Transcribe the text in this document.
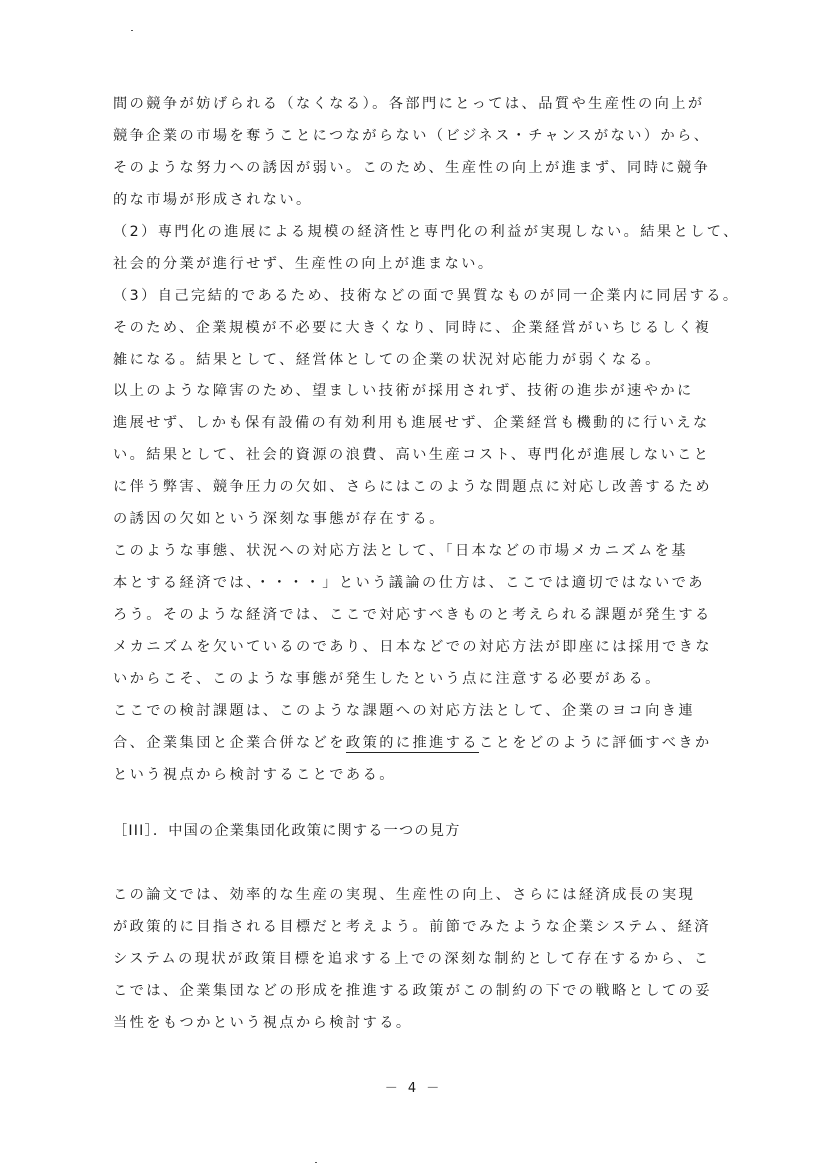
間の競争が妨げられる（なくなる）。各部門にとっては、品質や生産性の向上が
競争企業の市場を奪うことにつながらない（ビジネス・チャンスがない）から、
そのような努力への誘因が弱い。このため、生産性の向上が進まず、同時に競争
的な市場が形成されない。
（2）専門化の進展による規模の経済性と専門化の利益が実現しない。結果として、
社会的分業が進行せず、生産性の向上が進まない。
（3）自己完結的であるため、技術などの面で異質なものが同一企業内に同居する。
そのため、企業規模が不必要に大きくなり、同時に、企業経営がいちじるしく複
雑になる。結果として、経営体としての企業の状況対応能力が弱くなる。
以上のような障害のため、望ましい技術が採用されず、技術の進歩が速やかに
進展せず、しかも保有設備の有効利用も進展せず、企業経営も機動的に行いえな
い。結果として、社会的資源の浪費、高い生産コスト、専門化が進展しないこと
に伴う弊害、競争圧力の欠如、さらにはこのような問題点に対応し改善するため
の誘因の欠如という深刻な事態が存在する。
このような事態、状況への対応方法として、「日本などの市場メカニズムを基
本とする経済では、・・・・」という議論の仕方は、ここでは適切ではないであ
ろう。そのような経済では、ここで対応すべきものと考えられる課題が発生する
メカニズムを欠いているのであり、日本などでの対応方法が即座には採用できな
いからこそ、このような事態が発生したという点に注意する必要がある。
ここでの検討課題は、このような課題への対応方法として、企業のヨコ向き連
合、企業集団と企業合併などを政策的に推進することをどのように評価すべきか
という視点から検討することである。
［III］．中国の企業集団化政策に関する一つの見方
この論文では、効率的な生産の実現、生産性の向上、さらには経済成長の実現
が政策的に目指される目標だと考えよう。前節でみたような企業システム、経済
システムの現状が政策目標を追求する上での深刻な制約として存在するから、こ
こでは、企業集団などの形成を推進する政策がこの制約の下での戦略としての妥
当性をもつかという視点から検討する。
－ 4 －
